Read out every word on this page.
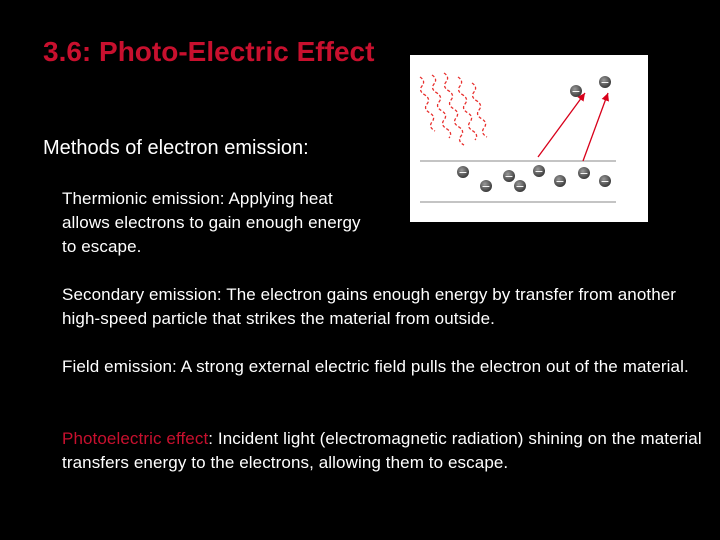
3.6: Photo-Electric Effect

Methods of electron emission:

Thermionic emission: Applying heat allows electrons to gain enough energy to escape.

Secondary emission: The electron gains enough energy by transfer from another high-speed particle that strikes the material from outside.

Field emission: A strong external electric field pulls the electron out of the material.

Photoelectric effect: Incident light (electromagnetic radiation) shining on the material transfers energy to the electrons, allowing them to escape.

−
−
−
−
−
−
−
−
−
−
